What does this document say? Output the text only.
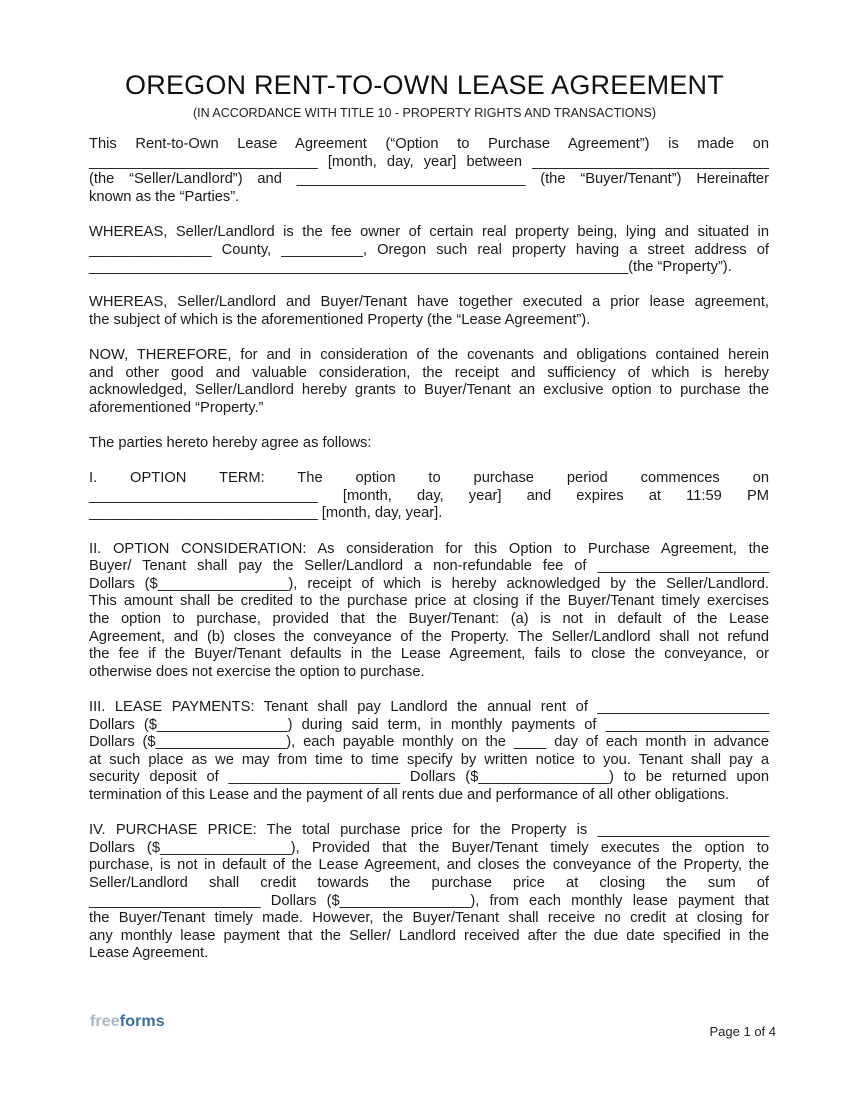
OREGON RENT-TO-OWN LEASE AGREEMENT
(IN ACCORDANCE WITH TITLE 10 - PROPERTY RIGHTS AND TRANSACTIONS)
This Rent-to-Own Lease Agreement (“Option to Purchase Agreement”) is made on
____________________________ [month, day, year] between _____________________________
(the “Seller/Landlord”) and ____________________________ (the “Buyer/Tenant”) Hereinafter
known as the “Parties”.
WHEREAS, Seller/Landlord is the fee owner of certain real property being, lying and situated in
_______________ County, __________, Oregon such real property having a street address of
__________________________________________________________________(the “Property”).
WHEREAS, Seller/Landlord and Buyer/Tenant have together executed a prior lease agreement,
the subject of which is the aforementioned Property (the “Lease Agreement”).
NOW, THEREFORE, for and in consideration of the covenants and obligations contained herein
and other good and valuable consideration, the receipt and sufficiency of which is hereby
acknowledged, Seller/Landlord hereby grants to Buyer/Tenant an exclusive option to purchase the
aforementioned “Property.”
The parties hereto hereby agree as follows:
I. OPTION TERM: The option to purchase period commences on
____________________________ [month, day, year] and expires at 11:59 PM
____________________________ [month, day, year].
II. OPTION CONSIDERATION: As consideration for this Option to Purchase Agreement, the
Buyer/ Tenant shall pay the Seller/Landlord a non-refundable fee of _____________________
Dollars ($________________), receipt of which is hereby acknowledged by the Seller/Landlord.
This amount shall be credited to the purchase price at closing if the Buyer/Tenant timely exercises
the option to purchase, provided that the Buyer/Tenant: (a) is not in default of the Lease
Agreement, and (b) closes the conveyance of the Property. The Seller/Landlord shall not refund
the fee if the Buyer/Tenant defaults in the Lease Agreement, fails to close the conveyance, or
otherwise does not exercise the option to purchase.
III. LEASE PAYMENTS: Tenant shall pay Landlord the annual rent of _____________________
Dollars ($________________) during said term, in monthly payments of ____________________
Dollars ($________________), each payable monthly on the ____ day of each month in advance
at such place as we may from time to time specify by written notice to you. Tenant shall pay a
security deposit of _____________________ Dollars ($________________) to be returned upon
termination of this Lease and the payment of all rents due and performance of all other obligations.
IV. PURCHASE PRICE: The total purchase price for the Property is _____________________
Dollars ($________________), Provided that the Buyer/Tenant timely executes the option to
purchase, is not in default of the Lease Agreement, and closes the conveyance of the Property, the
Seller/Landlord shall credit towards the purchase price at closing the sum of
_____________________ Dollars ($________________), from each monthly lease payment that
the Buyer/Tenant timely made. However, the Buyer/Tenant shall receive no credit at closing for
any monthly lease payment that the Seller/ Landlord received after the due date specified in the
Lease Agreement.
freeforms
Page 1 of 4
